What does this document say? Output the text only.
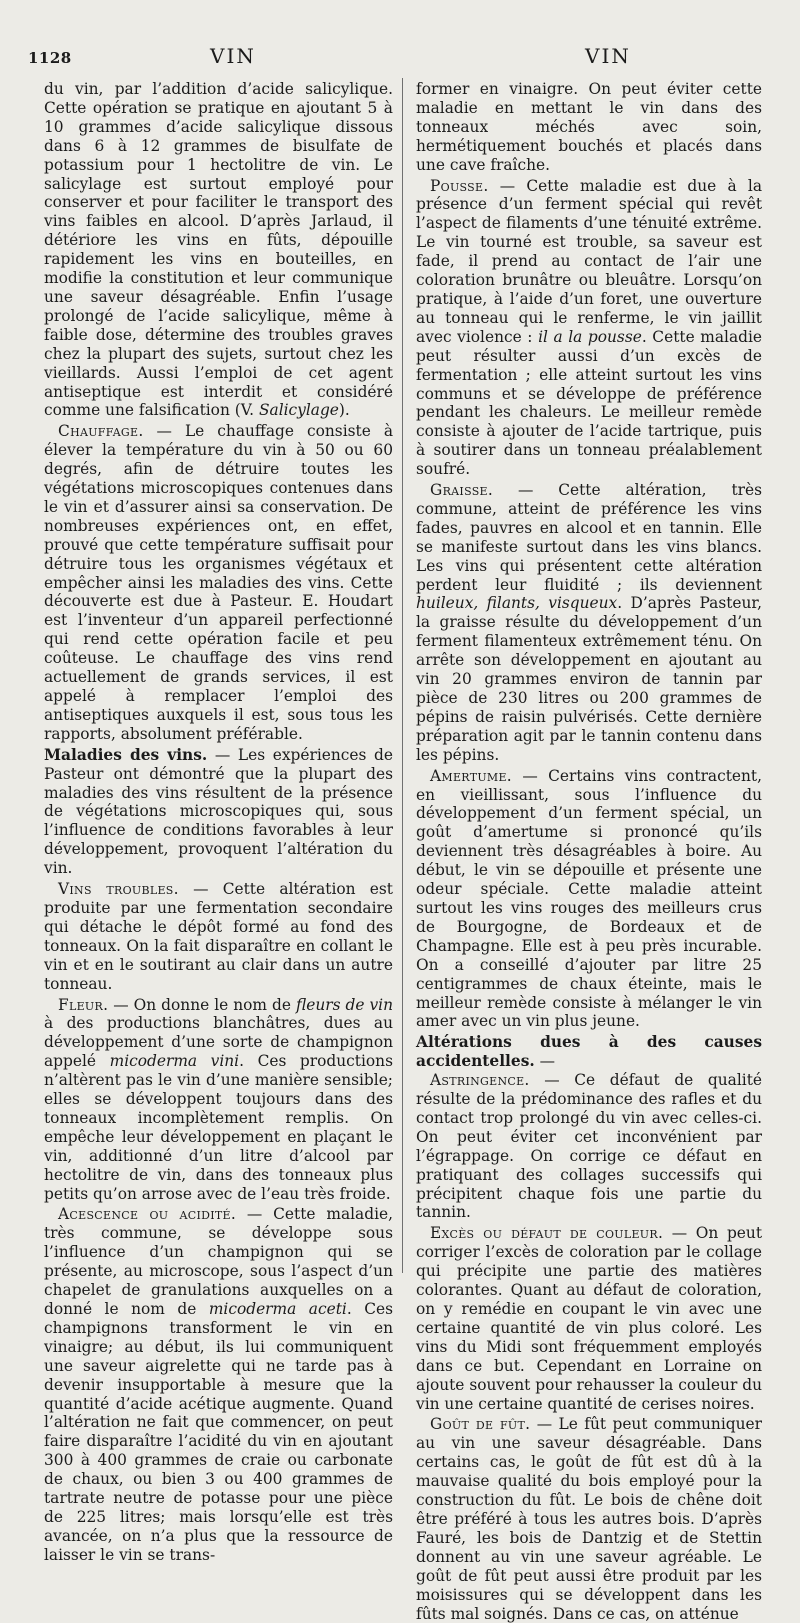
1128	VIN	VIN

du vin, par l’addition d’acide salicylique. Cette opération se pratique en ajoutant 5 à 10 grammes d’acide salicylique dissous dans 6 à 12 grammes de bisulfate de potassium pour 1 hectolitre de vin. Le salicylage est surtout employé pour conserver et pour faciliter le transport des vins faibles en alcool. D’après Jarlaud, il détériore les vins en fûts, dépouille rapidement les vins en bouteilles, en modifie la constitution et leur communique une saveur désagréable. Enfin l’usage prolongé de l’acide salicylique, même à faible dose, détermine des troubles graves chez la plupart des sujets, surtout chez les vieillards. Aussi l’emploi de cet agent antiseptique est interdit et considéré comme une falsification (V. Salicylage).

Chauffage. — Le chauffage consiste à élever la température du vin à 50 ou 60 degrés, afin de détruire toutes les végétations microscopiques contenues dans le vin et d’assurer ainsi sa conservation. De nombreuses expériences ont, en effet, prouvé que cette température suffisait pour détruire tous les organismes végétaux et empêcher ainsi les maladies des vins. Cette découverte est due à Pasteur. E. Houdart est l’inventeur d’un appareil perfectionné qui rend cette opération facile et peu coûteuse. Le chauffage des vins rend actuellement de grands services, il est appelé à remplacer l’emploi des antiseptiques auxquels il est, sous tous les rapports, absolument préférable.

Maladies des vins. — Les expériences de Pasteur ont démontré que la plupart des maladies des vins résultent de la présence de végétations microscopiques qui, sous l’influence de conditions favorables à leur développement, provoquent l’altération du vin.

Vins troubles. — Cette altération est produite par une fermentation secondaire qui détache le dépôt formé au fond des tonneaux. On la fait disparaître en collant le vin et en le soutirant au clair dans un autre tonneau.

Fleur. — On donne le nom de fleurs de vin à des productions blanchâtres, dues au développement d’une sorte de champignon appelé micoderma vini. Ces productions n’altèrent pas le vin d’une manière sensible; elles se développent toujours dans des tonneaux incomplètement remplis. On empêche leur développement en plaçant le vin, additionné d’un litre d’alcool par hectolitre de vin, dans des tonneaux plus petits qu’on arrose avec de l’eau très froide.

Acescence ou acidité. — Cette maladie, très commune, se développe sous l’influence d’un champignon qui se présente, au microscope, sous l’aspect d’un chapelet de granulations auxquelles on a donné le nom de micoderma aceti. Ces champignons transforment le vin en vinaigre; au début, ils lui communiquent une saveur aigrelette qui ne tarde pas à devenir insupportable à mesure que la quantité d’acide acétique augmente. Quand l’altération ne fait que commencer, on peut faire disparaître l’acidité du vin en ajoutant 300 à 400 grammes de craie ou carbonate de chaux, ou bien 3 ou 400 grammes de tartrate neutre de potasse pour une pièce de 225 litres; mais lorsqu’elle est très avancée, on n’a plus que la ressource de laisser le vin se trans-

former en vinaigre. On peut éviter cette maladie en mettant le vin dans des tonneaux méchés avec soin, hermétiquement bouchés et placés dans une cave fraîche.

Pousse. — Cette maladie est due à la présence d’un ferment spécial qui revêt l’aspect de filaments d’une ténuité extrême. Le vin tourné est trouble, sa saveur est fade, il prend au contact de l’air une coloration brunâtre ou bleuâtre. Lorsqu’on pratique, à l’aide d’un foret, une ouverture au tonneau qui le renferme, le vin jaillit avec violence : il a la pousse. Cette maladie peut résulter aussi d’un excès de fermentation ; elle atteint surtout les vins communs et se développe de préférence pendant les chaleurs. Le meilleur remède consiste à ajouter de l’acide tartrique, puis à soutirer dans un tonneau préalablement soufré.

Graisse. — Cette altération, très commune, atteint de préférence les vins fades, pauvres en alcool et en tannin. Elle se manifeste surtout dans les vins blancs. Les vins qui présentent cette altération perdent leur fluidité ; ils deviennent huileux, filants, visqueux. D’après Pasteur, la graisse résulte du développement d’un ferment filamenteux extrêmement ténu. On arrête son développement en ajoutant au vin 20 grammes environ de tannin par pièce de 230 litres ou 200 grammes de pépins de raisin pulvérisés. Cette dernière préparation agit par le tannin contenu dans les pépins.

Amertume. — Certains vins contractent, en vieillissant, sous l’influence du développement d’un ferment spécial, un goût d’amertume si prononcé qu’ils deviennent très désagréables à boire. Au début, le vin se dépouille et présente une odeur spéciale. Cette maladie atteint surtout les vins rouges des meilleurs crus de Bourgogne, de Bordeaux et de Champagne. Elle est à peu près incurable. On a conseillé d’ajouter par litre 25 centigrammes de chaux éteinte, mais le meilleur remède consiste à mélanger le vin amer avec un vin plus jeune.

Altérations dues à des causes accidentelles. —

Astringence. — Ce défaut de qualité résulte de la prédominance des rafles et du contact trop prolongé du vin avec celles-ci. On peut éviter cet inconvénient par l’égrappage. On corrige ce défaut en pratiquant des collages successifs qui précipitent chaque fois une partie du tannin.

Excès ou défaut de couleur. — On peut corriger l’excès de coloration par le collage qui précipite une partie des matières colorantes. Quant au défaut de coloration, on y remédie en coupant le vin avec une certaine quantité de vin plus coloré. Les vins du Midi sont fréquemment employés dans ce but. Cependant en Lorraine on ajoute souvent pour rehausser la couleur du vin une certaine quantité de cerises noires.

Goût de fût. — Le fût peut communiquer au vin une saveur désagréable. Dans certains cas, le goût de fût est dû à la mauvaise qualité du bois employé pour la construction du fût. Le bois de chêne doit être préféré à tous les autres bois. D’après Fauré, les bois de Dantzig et de Stettin donnent au vin une saveur agréable. Le goût de fût peut aussi être produit par les moisissures qui se développent dans les fûts mal soignés. Dans ce cas, on atténue
